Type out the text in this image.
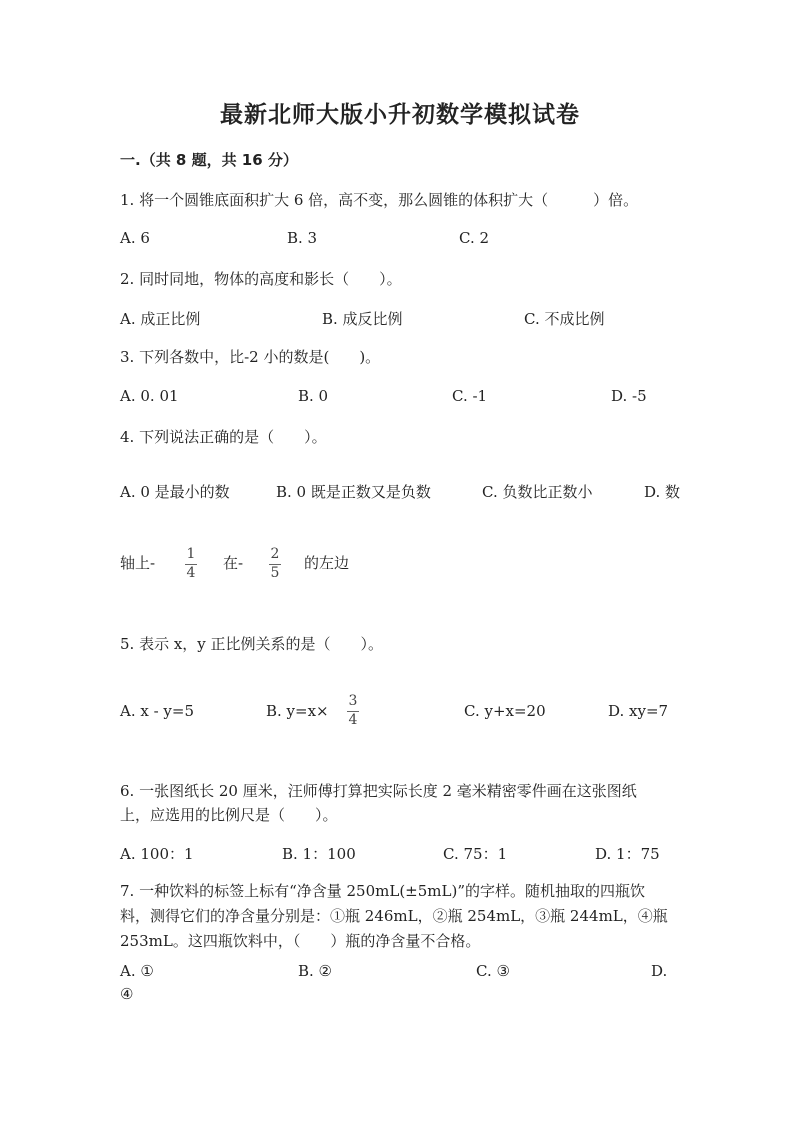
最新北师大版小升初数学模拟试卷
一.（共 8 题，共 16 分）
1. 将一个圆锥底面积扩大 6 倍，高不变，那么圆锥的体积扩大（　　　）倍。
A. 6	B. 3	C. 2
2. 同时同地，物体的高度和影长（　　）。
A. 成正比例	B. 成反比例	C. 不成比例
3. 下列各数中，比-2 小的数是(　　)。
A. 0. 01	B. 0	C. -1	D. -5
4. 下列说法正确的是（　　）。
A. 0 是最小的数	B. 0 既是正数又是负数	C. 负数比正数小	D. 数
轴上- 1
4
在- 2
5
的左边
5. 表示 x，y 正比例关系的是（　　）。
A. x - y=5	B. y=x×
3
4	C. y+x=20	D. xy=7
6. 一张图纸长 20 厘米，汪师傅打算把实际长度 2 毫米精密零件画在这张图纸
上，应选用的比例尺是（　　）。
A. 100：1	B. 1：100	C. 75：1	D. 1：75
7. 一种饮料的标签上标有“净含量 250mL(±5mL)”的字样。随机抽取的四瓶饮
料，测得它们的净含量分别是：①瓶 246mL，②瓶 254mL，③瓶 244mL，④瓶
253mL。这四瓶饮料中，（　　）瓶的净含量不合格。
A. ①	B. ②	C. ③	D.
④
